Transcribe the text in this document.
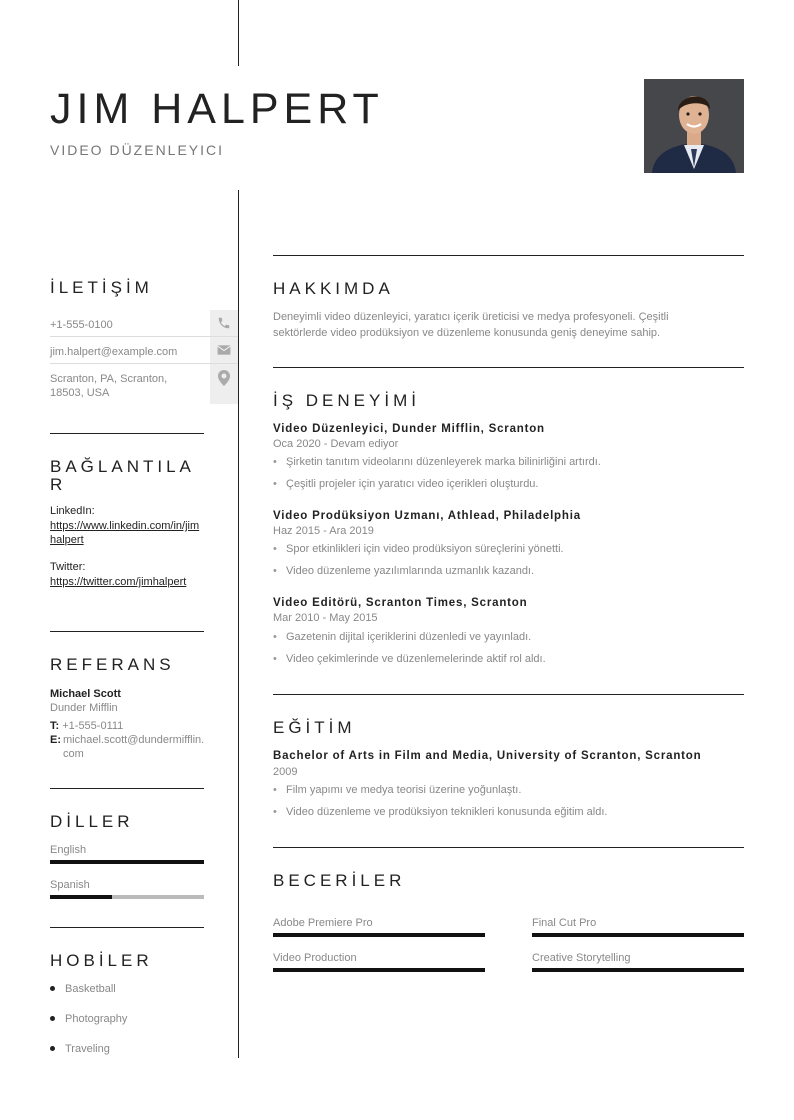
JIM HALPERT
VIDEO DÜZENLEYICI
İLETİŞİM
+1-555-0100
jim.halpert@example.com
Scranton, PA, Scranton, 18503, USA
BAĞLANTILAR
LinkedIn:
https://www.linkedin.com/in/jimhalpert
Twitter:
https://twitter.com/jimhalpert
REFERANS
Michael Scott
Dunder Mifflin
T: +1-555-0111
E: michael.scott@dundermifflin.com
DİLLER
English
Spanish
HOBİLER
Basketball
Photography
Traveling
HAKKIMDA
Deneyimli video düzenleyici, yaratıcı içerik üreticisi ve medya profesyoneli. Çeşitli sektörlerde video prodüksiyon ve düzenleme konusunda geniş deneyime sahip.
İŞ DENEYİMİ
Video Düzenleyici, Dunder Mifflin, Scranton
Oca 2020 - Devam ediyor
• Şirketin tanıtım videolarını düzenleyerek marka bilinirliğini artırdı.
• Çeşitli projeler için yaratıcı video içerikleri oluşturdu.
Video Prodüksiyon Uzmanı, Athlead, Philadelphia
Haz 2015 - Ara 2019
• Spor etkinlikleri için video prodüksiyon süreçlerini yönetti.
• Video düzenleme yazılımlarında uzmanlık kazandı.
Video Editörü, Scranton Times, Scranton
Mar 2010 - May 2015
• Gazetenin dijital içeriklerini düzenledi ve yayınladı.
• Video çekimlerinde ve düzenlemelerinde aktif rol aldı.
EĞİTİM
Bachelor of Arts in Film and Media, University of Scranton, Scranton
2009
• Film yapımı ve medya teorisi üzerine yoğunlaştı.
• Video düzenleme ve prodüksiyon teknikleri konusunda eğitim aldı.
BECERİLER
Adobe Premiere Pro	Final Cut Pro
Video Production	Creative Storytelling
